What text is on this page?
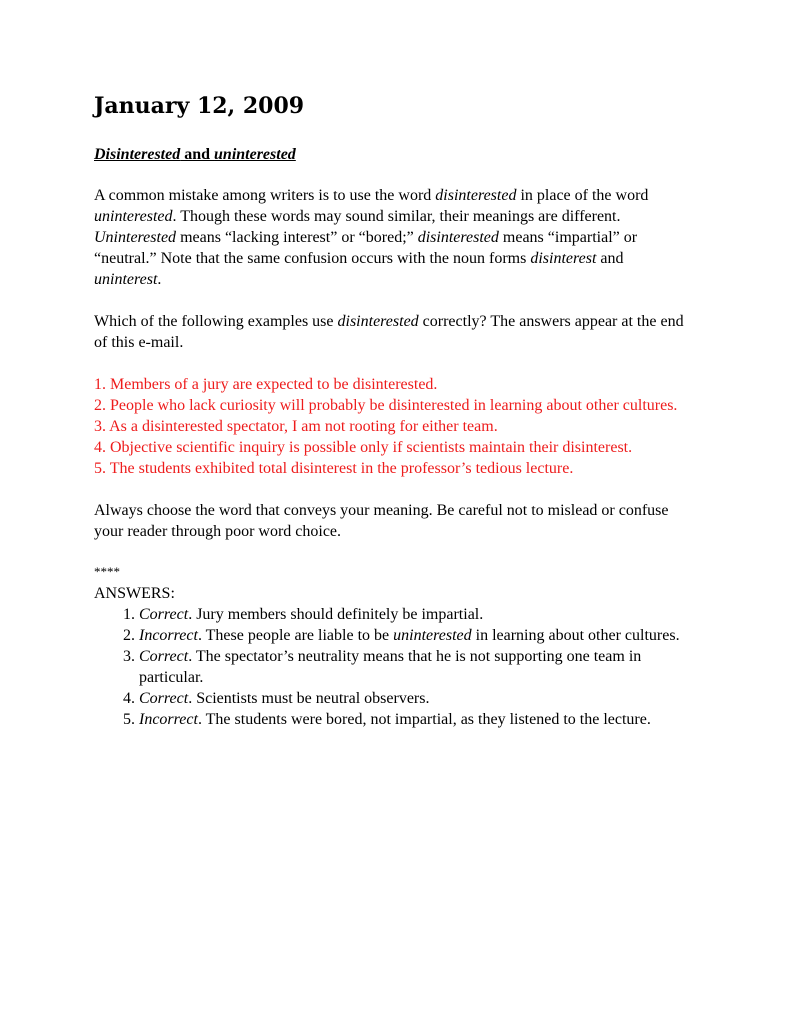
January 12, 2009
Disinterested and uninterested

A common mistake among writers is to use the word disinterested in place of the word uninterested. Though these words may sound similar, their meanings are different. Uninterested means “lacking interest” or “bored;” disinterested means “impartial” or “neutral.” Note that the same confusion occurs with the noun forms disinterest and uninterest.

Which of the following examples use disinterested correctly? The answers appear at the end of this e-mail.

1. Members of a jury are expected to be disinterested.

2. People who lack curiosity will probably be disinterested in learning about other cultures.

3. As a disinterested spectator, I am not rooting for either team.

4. Objective scientific inquiry is possible only if scientists maintain their disinterest.

5. The students exhibited total disinterest in the professor’s tedious lecture.

Always choose the word that conveys your meaning. Be careful not to mislead or confuse your reader through poor word choice.

****

ANSWERS:

1. Correct. Jury members should definitely be impartial.
2. Incorrect. These people are liable to be uninterested in learning about other cultures.
3. Correct. The spectator’s neutrality means that he is not supporting one team in particular.
4. Correct. Scientists must be neutral observers.
5. Incorrect. The students were bored, not impartial, as they listened to the lecture.
